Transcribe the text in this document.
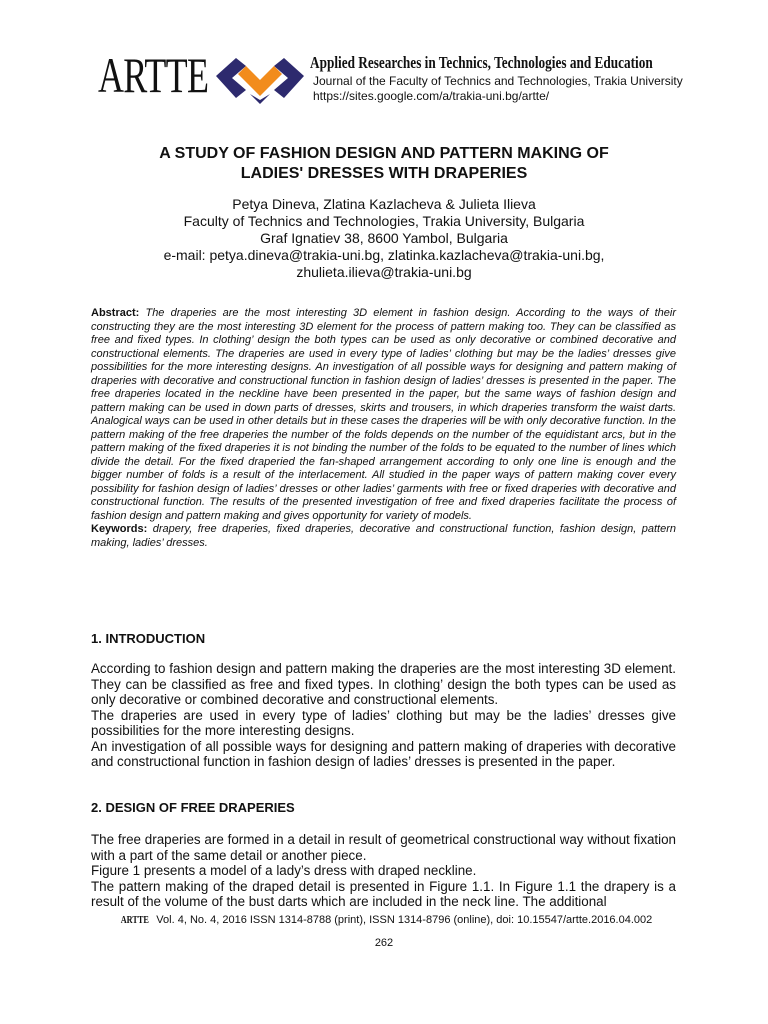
ARTTE	Applied Researches in Technics, Technologies and Education
Journal of the Faculty of Technics and Technologies, Trakia University
https://sites.google.com/a/trakia-uni.bg/artte/
A STUDY OF FASHION DESIGN AND PATTERN MAKING OF
LADIES' DRESSES WITH DRAPERIES
Petya Dineva, Zlatina Kazlacheva & Julieta Ilieva
Faculty of Technics and Technologies, Trakia University, Bulgaria
Graf Ignatiev 38, 8600 Yambol, Bulgaria
e-mail: petya.dineva@trakia-uni.bg, zlatinka.kazlacheva@trakia-uni.bg,
zhulieta.ilieva@trakia-uni.bg
Abstract: The draperies are the most interesting 3D element in fashion design. According to the ways of their constructing they are the most interesting 3D element for the process of pattern making too. They can be classified as free and fixed types. In clothing’ design the both types can be used as only decorative or combined decorative and constructional elements. The draperies are used in every type of ladies’ clothing but may be the ladies’ dresses give possibilities for the more interesting designs. An investigation of all possible ways for designing and pattern making of draperies with decorative and constructional function in fashion design of ladies’ dresses is presented in the paper. The free draperies located in the neckline have been presented in the paper, but the same ways of fashion design and pattern making can be used in down parts of dresses, skirts and trousers, in which draperies transform the waist darts. Analogical ways can be used in other details but in these cases the draperies will be with only decorative function. In the pattern making of the free draperies the number of the folds depends on the number of the equidistant arcs, but in the pattern making of the fixed draperies it is not binding the number of the folds to be equated to the number of lines which divide the detail. For the fixed draperied the fan-shaped arrangement according to only one line is enough and the bigger number of folds is a result of the interlacement. All studied in the paper ways of pattern making cover every possibility for fashion design of ladies’ dresses or other ladies’ garments with free or fixed draperies with decorative and constructional function. The results of the presented investigation of free and fixed draperies facilitate the process of fashion design and pattern making and gives opportunity for variety of models.
Keywords: drapery, free draperies, fixed draperies, decorative and constructional function, fashion design, pattern making, ladies’ dresses.
1. INTRODUCTION

According to fashion design and pattern making the draperies are the most interesting 3D element. They can be classified as free and fixed types. In clothing’ design the both types can be used as only decorative or combined decorative and constructional elements.

The draperies are used in every type of ladies’ clothing but may be the ladies’ dresses give possibilities for the more interesting designs.

An investigation of all possible ways for designing and pattern making of draperies with decorative and constructional function in fashion design of ladies’ dresses is presented in the paper.

2. DESIGN OF FREE DRAPERIES

The free draperies are formed in a detail in result of geometrical constructional way without fixation with a part of the same detail or another piece.

Figure 1 presents a model of a lady’s dress with draped neckline.

The pattern making of the draped detail is presented in Figure 1.1. In Figure 1.1 the drapery is a result of the volume of the bust darts which are included in the neck line. The additional

ARTTE Vol. 4, No. 4, 2016 ISSN 1314-8788 (print), ISSN 1314-8796 (online), doi: 10.15547/artte.2016.04.002
262
